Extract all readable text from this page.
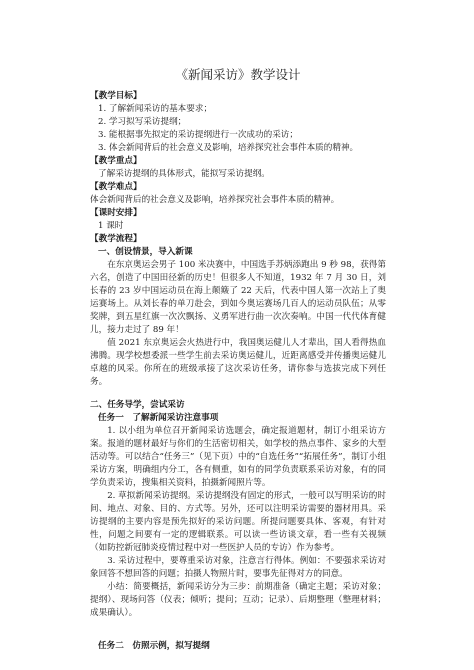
《新闻采访》教学设计
【教学目标】
1. 了解新闻采访的基本要求；
2. 学习拟写采访提纲；
3. 能根据事先拟定的采访提纲进行一次成功的采访；
3. 体会新闻背后的社会意义及影响，培养探究社会事件本质的精神。
【教学重点】
了解采访提纲的具体形式，能拟写采访提纲。
【教学难点】
体会新闻背后的社会意义及影响，培养探究社会事件本质的精神。
【课时安排】
1 课时
【教学流程】
一、创设情景，导入新课

在东京奥运会男子 100 米决赛中，中国选手苏炳添跑出 9 秒 98，获得第六名，创造了中国田径新的历史！但很多人不知道，1932 年 7 月 30 日，刘长春的 23 岁中国运动员在海上颠簸了 22 天后，代表中国人第一次站上了奥运赛场上。从刘长春的单刀赴会，到如今奥运赛场几百人的运动员队伍；从零奖牌，到五星红旗一次次飘扬、义勇军进行曲一次次奏响。中国一代代体育健儿，接力走过了 89 年！

值 2021 东京奥运会火热进行中，我国奥运健儿人才辈出，国人看得热血沸腾。现学校想委派一些学生前去采访奥运健儿，近距离感受并传播奥运健儿卓越的风采。你所在的班级承接了这次采访任务，请你参与选拔完成下列任务。

二、任务导学，尝试采访
任务一　了解新闻采访注意事项

1. 以小组为单位召开新闻采访选题会，确定报道题材，制订小组采访方案。报道的题材最好与你们的生活密切相关，如学校的热点事件、家乡的大型活动等。可以结合“任务三”（见下页）中的“自选任务”“拓展任务”，制订小组采访方案，明确组内分工，各有侧重，如有的同学负责联系采访对象，有的同学负责采访，搜集相关资料，拍摄新闻照片等。

2. 草拟新闻采访提纲。采访提纲没有固定的形式，一般可以写明采访的时间、地点、对象、目的、方式等。另外，还可以注明采访需要的器材用具。采访提纲的主要内容是预先拟好的采访问题。所提问题要具体、客观，有针对性，问题之间要有一定的逻辑联系。可以读一些访谈文章，看一些有关视频（如防控新冠肺炎疫情过程中对一些医护人员的专访）作为参考。

3. 采访过程中，要尊重采访对象，注意言行得体。例如：不要强求采访对象回答不想回答的问题；拍摄人物照片时，要事先征得对方的同意。

小结：简要概括，新闻采访分为三步：前期准备（确定主题；采访对象；提纲）、现场问答（仪表；倾听；提问；互动；记录）、后期整理（整理材料；成果确认）。

任务二　仿照示例，拟写提纲
